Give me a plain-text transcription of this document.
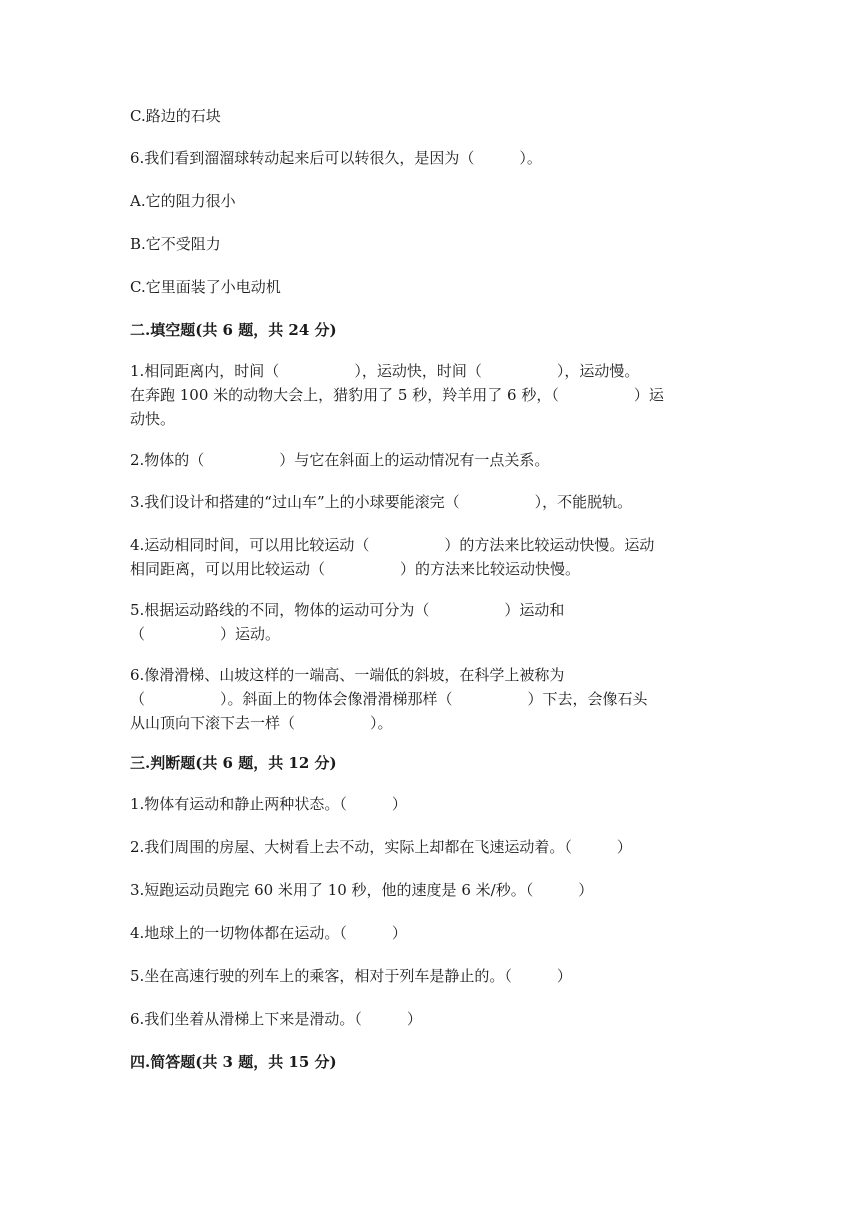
C.路边的石块
6.我们看到溜溜球转动起来后可以转很久，是因为（　　　）。
A.它的阻力很小
B.它不受阻力
C.它里面装了小电动机
二.填空题(共 6 题，共 24 分)
1.相同距离内，时间（　　　　　），运动快，时间（　　　　　），运动慢。
在奔跑 100 米的动物大会上，猎豹用了 5 秒，羚羊用了 6 秒，（　　　　　）运
动快。
2.物体的（　　　　　）与它在斜面上的运动情况有一点关系。
3.我们设计和搭建的“过山车”上的小球要能滚完（　　　　　），不能脱轨。
4.运动相同时间，可以用比较运动（　　　　　）的方法来比较运动快慢。运动
相同距离，可以用比较运动（　　　　　）的方法来比较运动快慢。
5.根据运动路线的不同，物体的运动可分为（　　　　　）运动和
（　　　　　）运动。
6.像滑滑梯、山坡这样的一端高、一端低的斜坡，在科学上被称为
（　　　　　）。斜面上的物体会像滑滑梯那样（　　　　　）下去，会像石头
从山顶向下滚下去一样（　　　　　）。
三.判断题(共 6 题，共 12 分)
1.物体有运动和静止两种状态。（　　　）
2.我们周围的房屋、大树看上去不动，实际上却都在飞速运动着。（　　　）
3.短跑运动员跑完 60 米用了 10 秒，他的速度是 6 米/秒。（　　　）
4.地球上的一切物体都在运动。（　　　）
5.坐在高速行驶的列车上的乘客，相对于列车是静止的。（　　　）
6.我们坐着从滑梯上下来是滑动。（　　　）
四.简答题(共 3 题，共 15 分)
